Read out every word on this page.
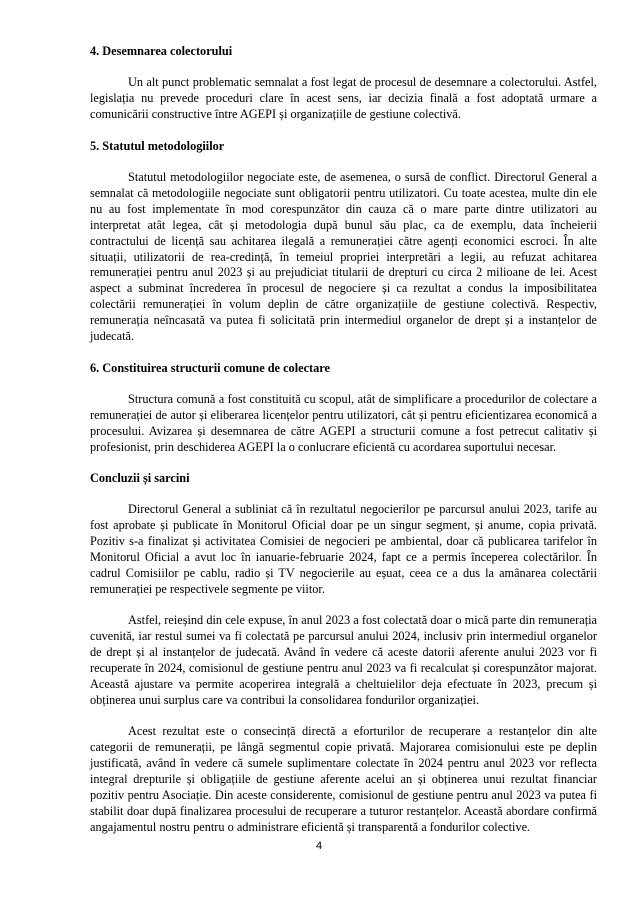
4. Desemnarea colectorului

Un alt punct problematic semnalat a fost legat de procesul de desemnare a colectorului. Astfel, legislația nu prevede proceduri clare în acest sens, iar decizia finală a fost adoptată urmare a comunicării constructive între AGEPI și organizațiile de gestiune colectivă.

5. Statutul metodologiilor

Statutul metodologiilor negociate este, de asemenea, o sursă de conflict. Directorul General a semnalat că metodologiile negociate sunt obligatorii pentru utilizatori. Cu toate acestea, multe din ele nu au fost implementate în mod corespunzător din cauza că o mare parte dintre utilizatori au interpretat atât legea, cât și metodologia după bunul său plac, ca de exemplu, data încheierii contractului de licență sau achitarea ilegală a remunerației către agenți economici escroci. În alte situații, utilizatorii de rea-credință, în temeiul propriei interpretări a legii, au refuzat achitarea remunerației pentru anul 2023 și au prejudiciat titularii de drepturi cu circa 2 milioane de lei. Acest aspect a subminat încrederea în procesul de negociere și ca rezultat a condus la imposibilitatea colectării remunerației în volum deplin de către organizațiile de gestiune colectivă. Respectiv, remunerația neîncasată va putea fi solicitată prin intermediul organelor de drept și a instanțelor de judecată.

6. Constituirea structurii comune de colectare

Structura comună a fost constituită cu scopul, atât de simplificare a procedurilor de colectare a remunerației de autor și eliberarea licențelor pentru utilizatori, cât și pentru eficientizarea economică a procesului. Avizarea și desemnarea de către AGEPI a structurii comune a fost petrecut calitativ și profesionist, prin deschiderea AGEPI la o conlucrare eficientă cu acordarea suportului necesar.

Concluzii și sarcini

Directorul General a subliniat că în rezultatul negocierilor pe parcursul anului 2023, tarife au fost aprobate și publicate în Monitorul Oficial doar pe un singur segment, și anume, copia privată. Pozitiv s-a finalizat și activitatea Comisiei de negocieri pe ambiental, doar că publicarea tarifelor în Monitorul Oficial a avut loc în ianuarie-februarie 2024, fapt ce a permis începerea colectărilor. În cadrul Comisiilor pe cablu, radio și TV negocierile au eșuat, ceea ce a dus la amânarea colectării remunerației pe respectivele segmente pe viitor.

Astfel, reieșind din cele expuse, în anul 2023 a fost colectată doar o mică parte din remunerația cuvenită, iar restul sumei va fi colectată pe parcursul anului 2024, inclusiv prin intermediul organelor de drept și al instanțelor de judecată. Având în vedere că aceste datorii aferente anului 2023 vor fi recuperate în 2024, comisionul de gestiune pentru anul 2023 va fi recalculat și corespunzător majorat. Această ajustare va permite acoperirea integrală a cheltuielilor deja efectuate în 2023, precum și obținerea unui surplus care va contribui la consolidarea fondurilor organizației.

Acest rezultat este o consecință directă a eforturilor de recuperare a restanțelor din alte categorii de remunerații, pe lângă segmentul copie privată. Majorarea comisionului este pe deplin justificată, având în vedere că sumele suplimentare colectate în 2024 pentru anul 2023 vor reflecta integral drepturile și obligațiile de gestiune aferente acelui an și obținerea unui rezultat financiar pozitiv pentru Asociație. Din aceste considerente, comisionul de gestiune pentru anul 2023 va putea fi stabilit doar după finalizarea procesului de recuperare a tuturor restanțelor. Această abordare confirmă angajamentul nostru pentru o administrare eficientă și transparentă a fondurilor colective.

4
